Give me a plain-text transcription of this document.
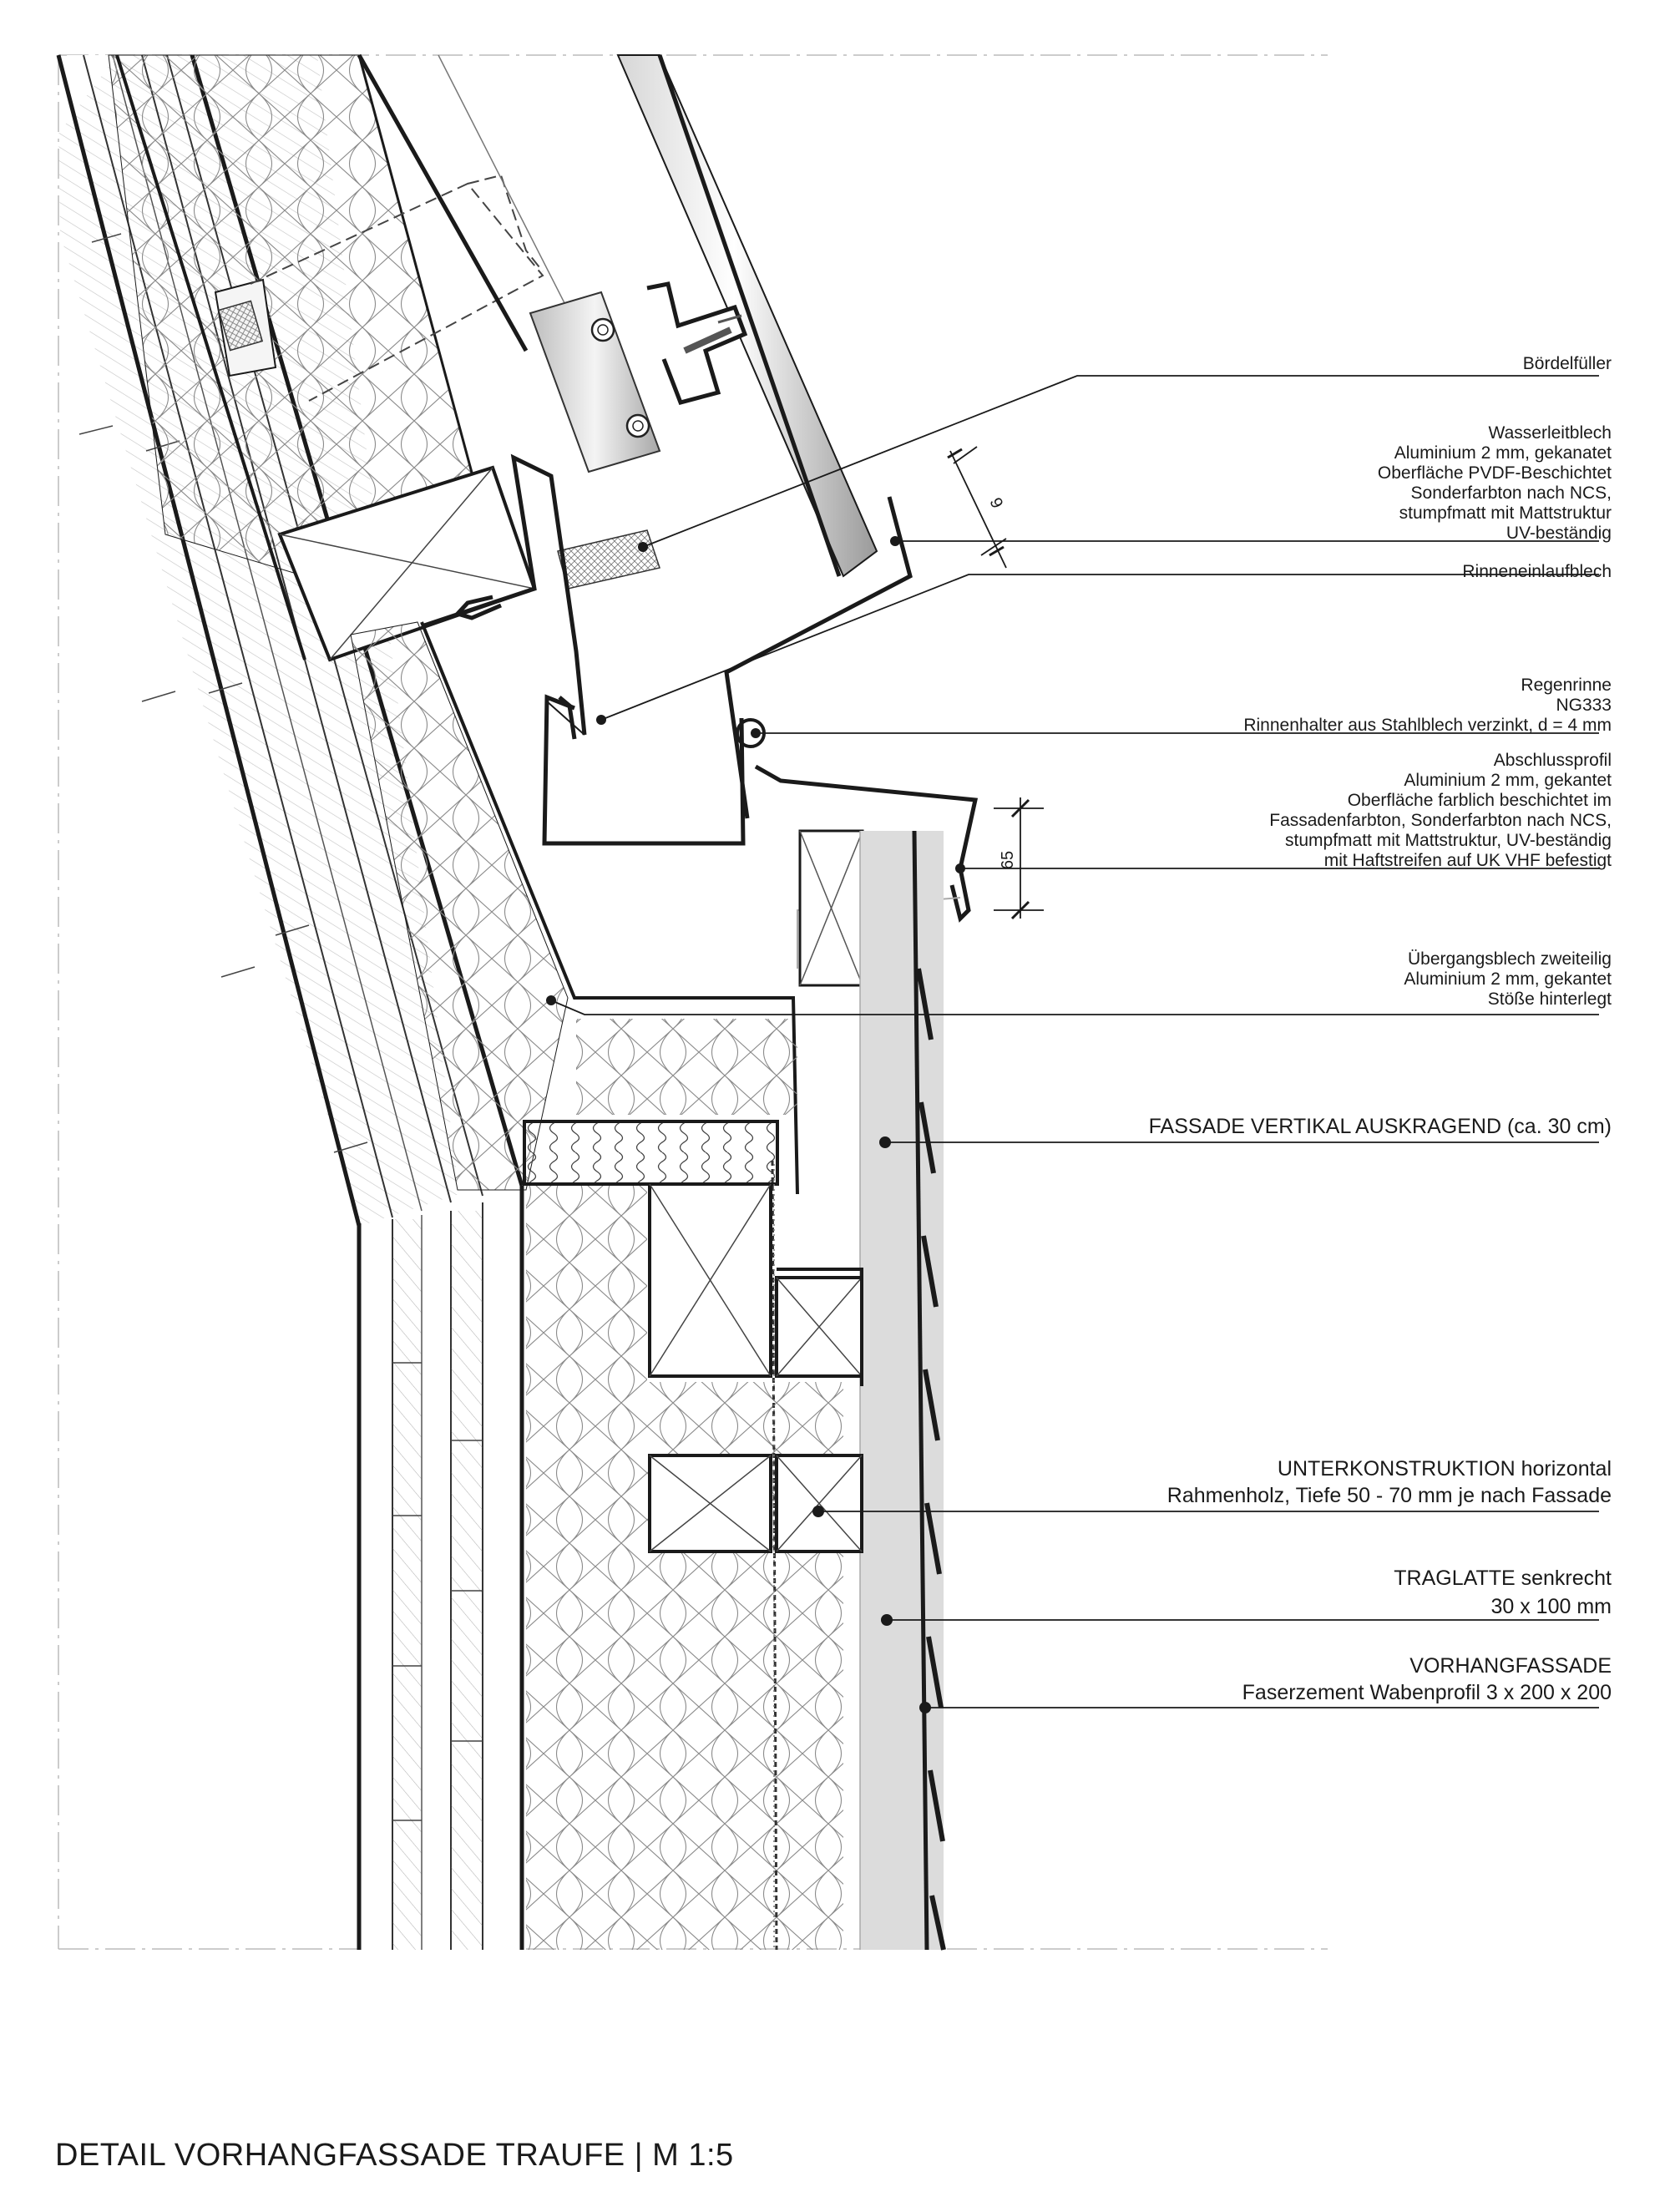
9
65
Bördelfüller
Wasserleitblech
Aluminium 2 mm, gekanatet
Oberfläche PVDF-Beschichtet
Sonderfarbton nach NCS,
stumpfmatt mit Mattstruktur
UV-beständig
Rinneneinlaufblech
Regenrinne
NG333
Rinnenhalter aus Stahlblech verzinkt, d = 4 mm
Abschlussprofil
Aluminium 2 mm, gekantet
Oberfläche farblich beschichtet im
Fassadenfarbton, Sonderfarbton nach NCS,
stumpfmatt mit Mattstruktur, UV-beständig
mit Haftstreifen auf UK VHF befestigt
Übergangsblech zweiteilig
Aluminium 2 mm, gekantet
Stöße hinterlegt
FASSADE VERTIKAL AUSKRAGEND (ca. 30 cm)
UNTERKONSTRUKTION horizontal
Rahmenholz, Tiefe 50 - 70 mm je nach Fassade
TRAGLATTE senkrecht
30 x 100 mm
VORHANGFASSADE
Faserzement Wabenprofil 3 x 200 x 200
DETAIL VORHANGFASSADE TRAUFE | M 1:5
